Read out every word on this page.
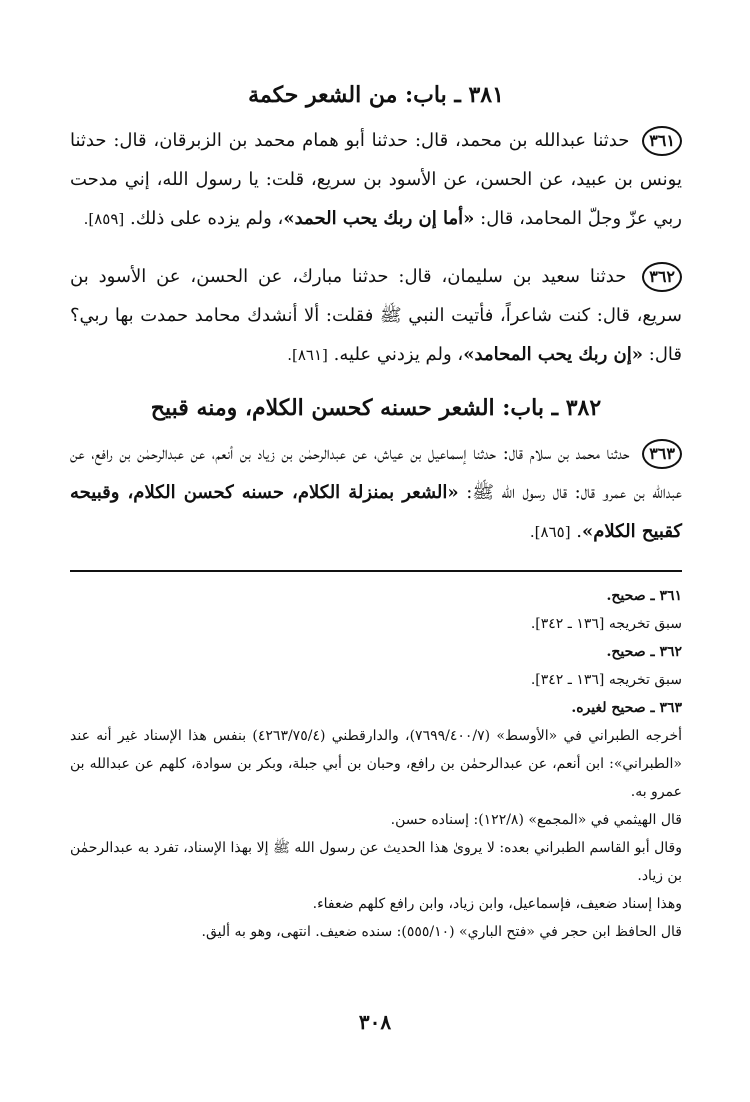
٣٨١ ـ باب: من الشعر حكمة

٣٦١ حدثنا عبدالله بن محمد، قال: حدثنا أبو همام محمد بن الزبرقان، قال: حدثنا يونس بن عبيد، عن الحسن، عن الأسود بن سريع، قلت: يا رسول الله، إني مدحت ربي عزّ وجلّ المحامد، قال: «أما إن ربك يحب الحمد»، ولم يزده على ذلك. [٨٥٩].

٣٦٢ حدثنا سعيد بن سليمان، قال: حدثنا مبارك، عن الحسن، عن الأسود بن سريع، قال: كنت شاعراً، فأتيت النبي ﷺ فقلت: ألا أنشدك محامد حمدت بها ربي؟ قال: «إن ربك يحب المحامد»، ولم يزدني عليه. [٨٦١].

٣٨٢ ـ باب: الشعر حسنه كحسن الكلام، ومنه قبيح

٣٦٣ حدثنا محمد بن سلام قال: حدثنا إسماعيل بن عياش، عن عبدالرحمٰن بن زياد بن أنعم، عن عبدالرحمٰن بن رافع، عن عبدالله بن عمرو قال: قال رسول الله ﷺ: «الشعر بمنزلة الكلام، حسنه كحسن الكلام، وقبيحه كقبيح الكلام». [٨٦٥].

٣٦١ ـ صحيح.

سبق تخريجه [١٣٦ ـ ٣٤٢].

٣٦٢ ـ صحيح.

سبق تخريجه [١٣٦ ـ ٣٤٢].

٣٦٣ ـ صحيح لغيره.

أخرجه الطبراني في «الأوسط» (٧٦٩٩/٤٠٠/٧)، والدارقطني (٤٢٦٣/٧٥/٤) بنفس هذا الإسناد غير أنه عند «الطبراني»: ابن أنعم، عن عبدالرحمٰن بن رافع، وحبان بن أبي جبلة، وبكر بن سوادة، كلهم عن عبدالله بن عمرو به.

قال الهيثمي في «المجمع» (١٢٢/٨): إسناده حسن.

وقال أبو القاسم الطبراني بعده: لا يروىٰ هذا الحديث عن رسول الله ﷺ إلا بهذا الإسناد، تفرد به عبدالرحمٰن بن زياد.

وهذا إسناد ضعيف، فإسماعيل، وابن زياد، وابن رافع كلهم ضعفاء.

قال الحافظ ابن حجر في «فتح الباري» (٥٥٥/١٠): سنده ضعيف. انتهى، وهو به أليق.

٣٠٨
